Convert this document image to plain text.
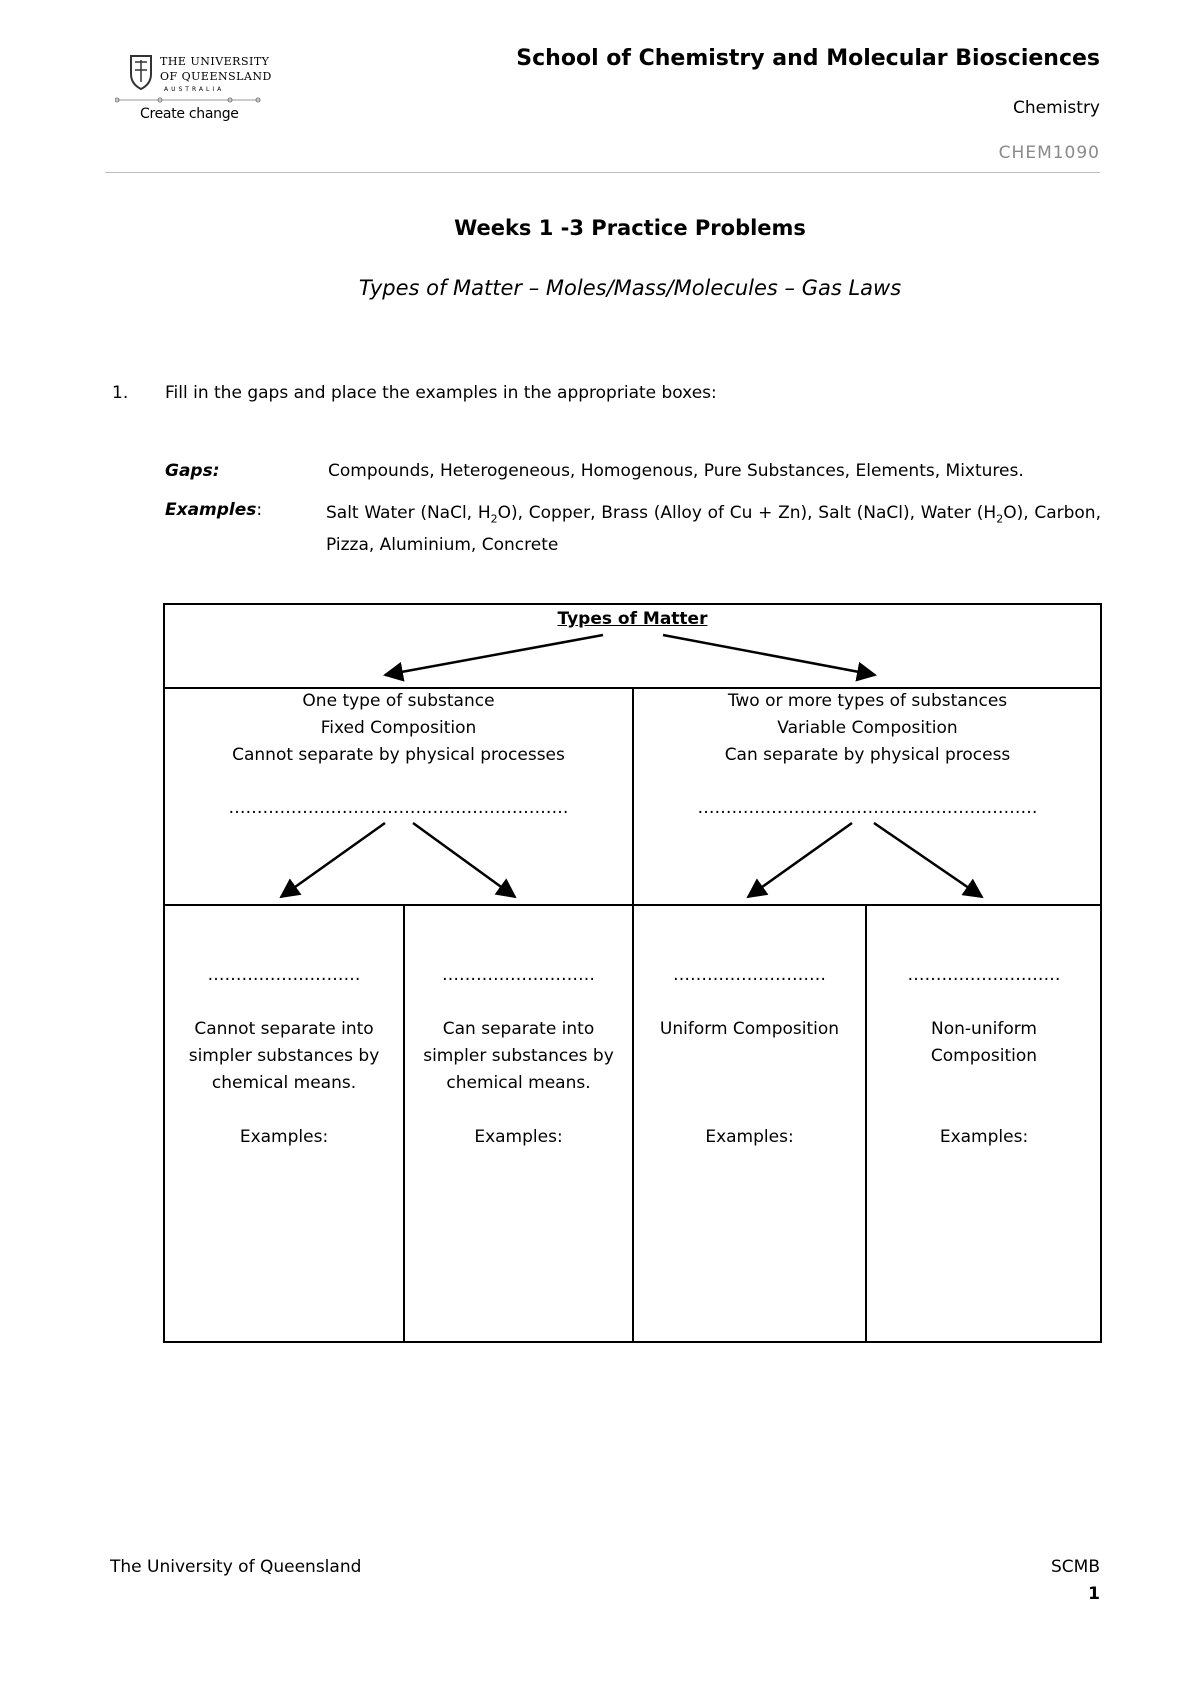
THE UNIVERSITY
OF QUEENSLAND
AUSTRALIA
Create change
School of Chemistry and Molecular Biosciences
Chemistry
CHEM1090
Weeks 1 -3 Practice Problems
Types of Matter – Moles/Mass/Molecules – Gas Laws
1. Fill in the gaps and place the examples in the appropriate boxes:
Gaps:	Compounds, Heterogeneous, Homogenous, Pure Substances, Elements, Mixtures.
Examples:	Salt Water (NaCl, $H_2O$), Copper, Brass (Alloy of Cu + Zn), Salt (NaCl), Water $(H_2O)$, Carbon, Pizza, Aluminium, Concrete
Types of Matter
One type of substance
Fixed Composition
Cannot separate by physical processes
……………………………………………………
Two or more types of substances
Variable Composition
Can separate by physical process
……………………………………………………
………………………
Cannot separate into
simpler substances by
chemical means.
Examples:
………………………
Can separate into
simpler substances by
chemical means.
Examples:
………………………
Uniform Composition
Examples:
………………………
Non-uniform
Composition
Examples:
The University of Queensland	SCMB
1
